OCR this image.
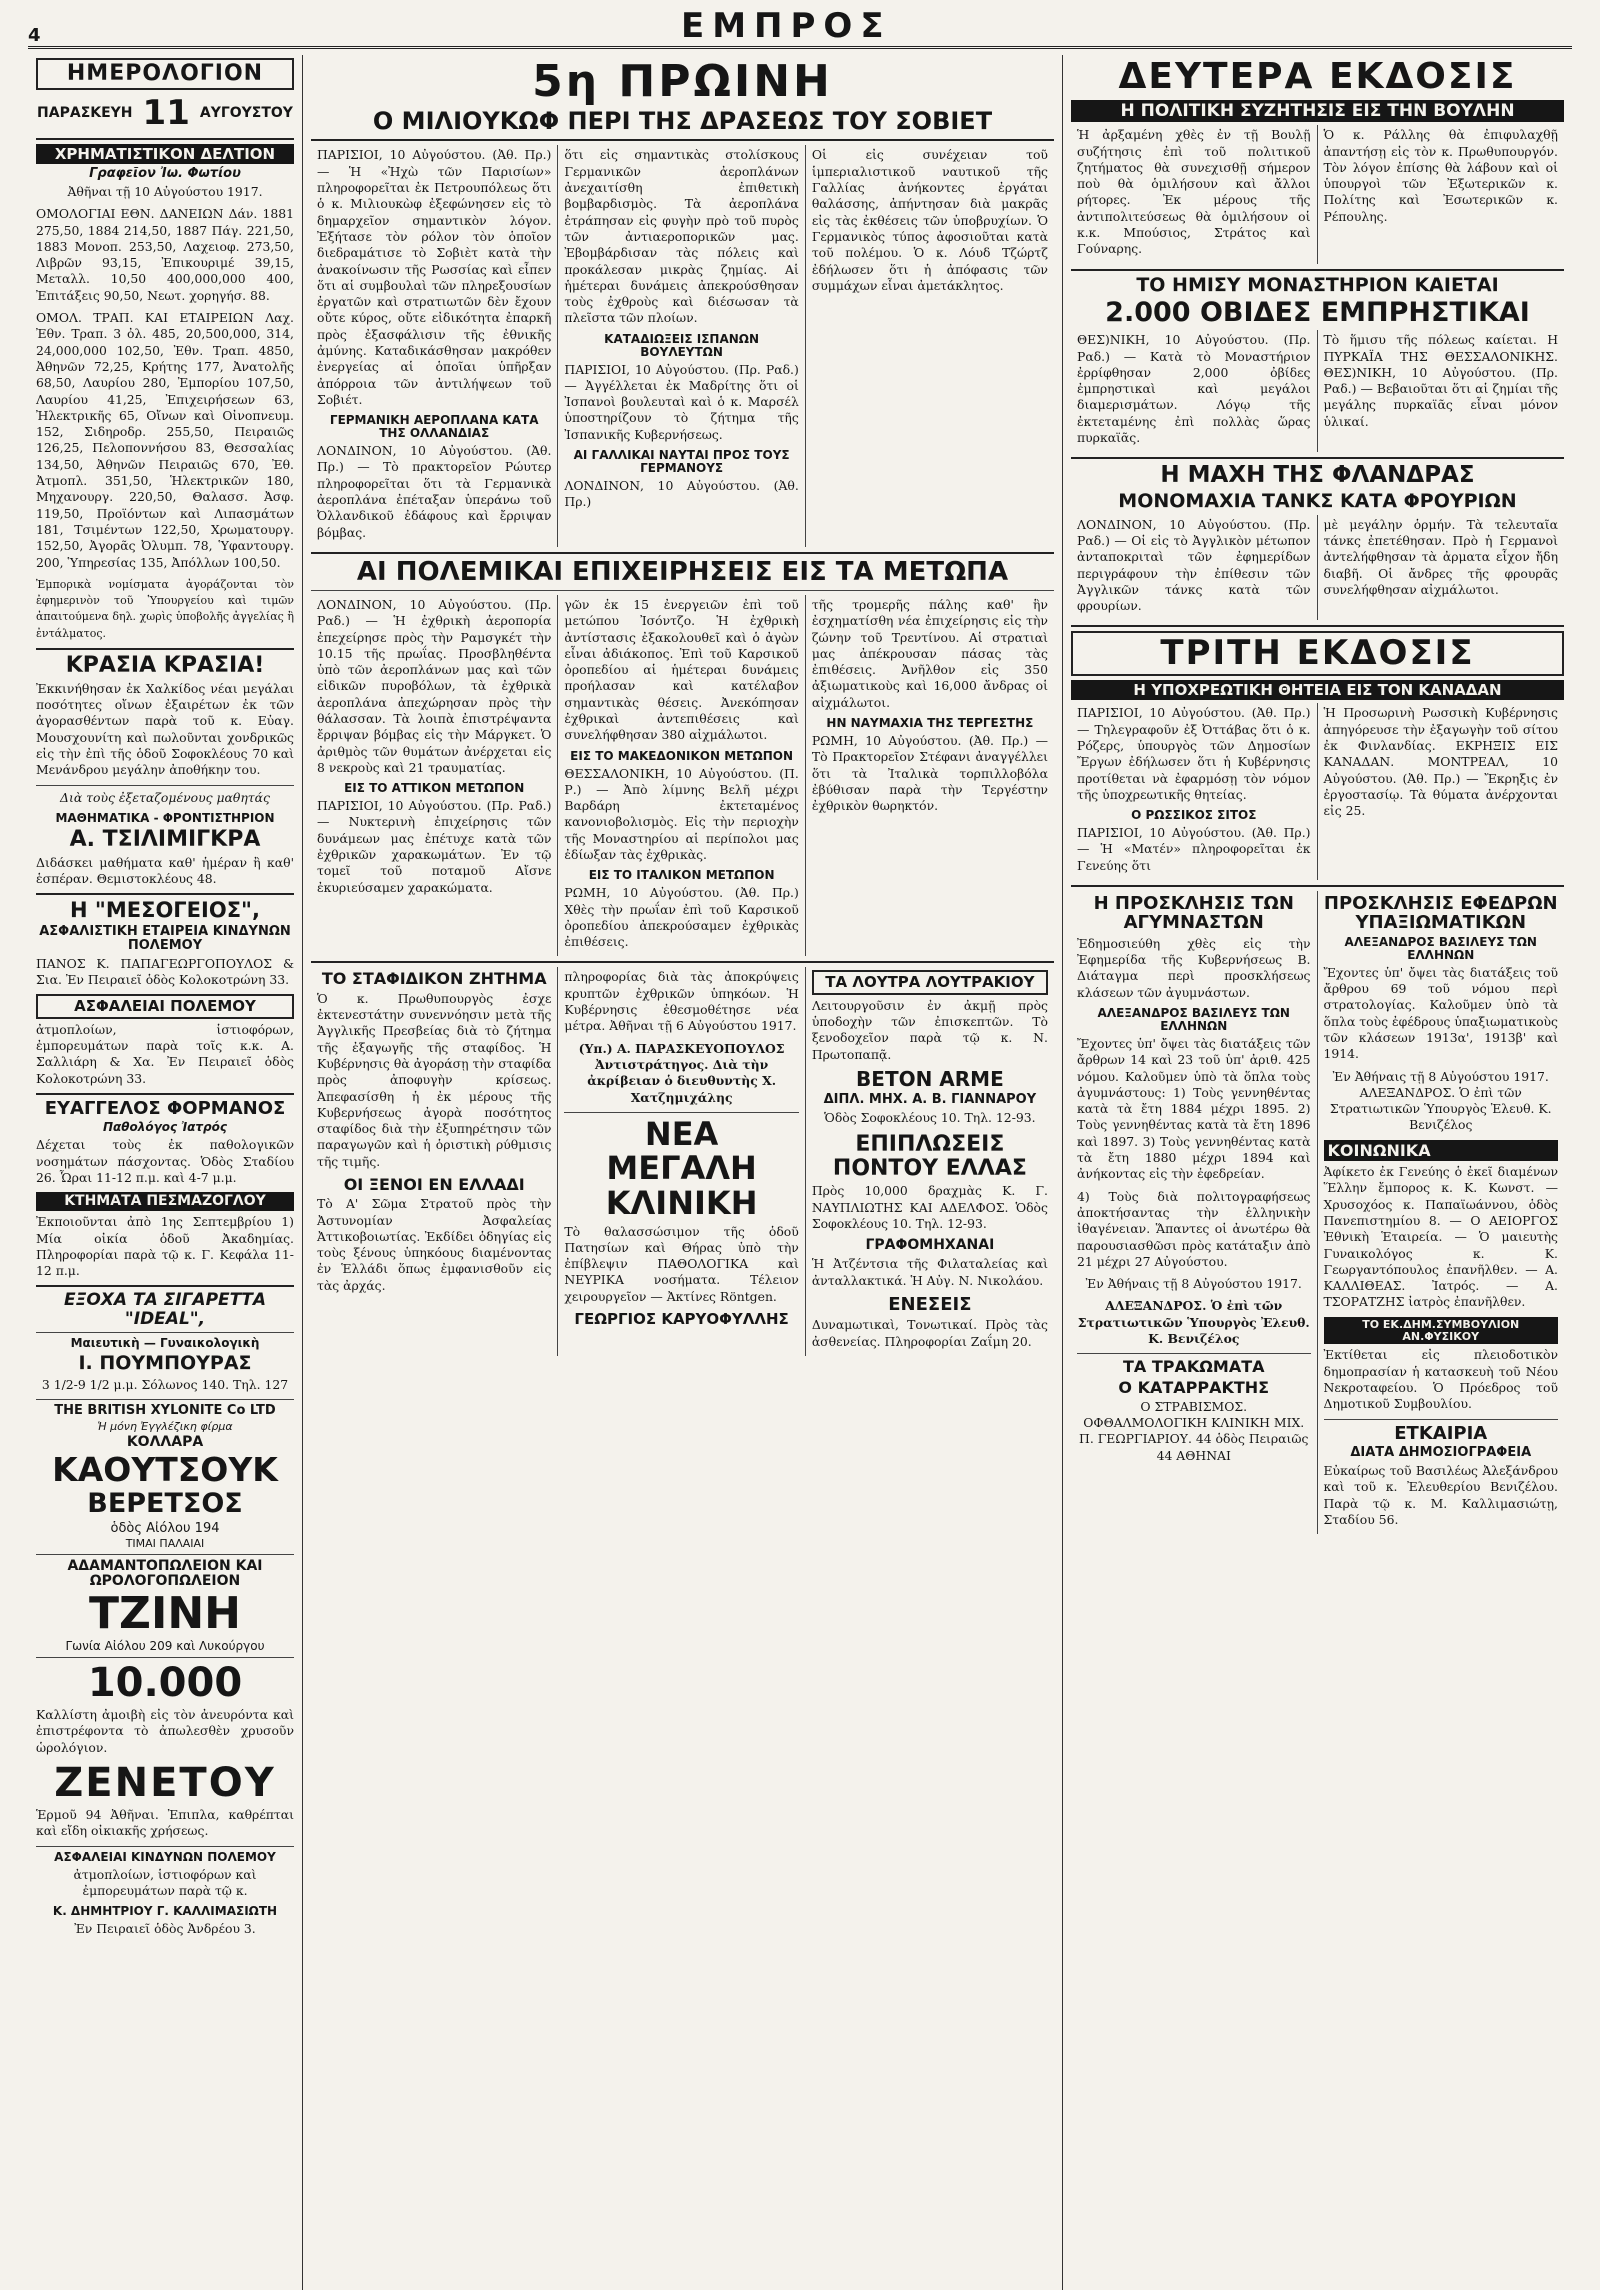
4	ΕΜΠΡΟΣ
ΗΜΕΡΟΛΟΓΙΟΝ
ΠΑΡΑΣΚΕΥΗ 11 ΑΥΓΟΥΣΤΟΥ
ΧΡΗΜΑΤΙΣΤΙΚΟΝ ΔΕΛΤΙΟΝ
Γραφεῖον Ἰω. Φωτίου
Ἀθῆναι τῇ 10 Αὐγούστου 1917.
ΟΜΟΛΟΓΙΑΙ ΕΘΝ. ΔΑΝΕΙΩΝ Δάν. 1881 275,50, 1884 214,50, 1887 Πάγ. 221,50, 1883 Μονοπ. 253,50, Λαχειοφ. 273,50, Λιβρῶν 93,15, Ἐπικουριμέ 39,15, Μεταλλ. 10,50 400,000,000 400, Ἐπιτάξεις 90,50, Νεωτ. χορηγήσ. 88.
ΟΜΟΛ. ΤΡΑΠ. ΚΑΙ ΕΤΑΙΡΕΙΩΝ Λαχ. Ἐθν. Τραπ. 3 ὀλ. 485, 20,500,000, 314, 24,000,000 102,50, Ἐθν. Τραπ. 4850, Ἀθηνῶν 72,25, Κρήτης 177, Ἀνατολῆς 68,50, Λαυρίου 280, Ἐμπορίου 107,50, Λαυρίου 41,25, Ἐπιχειρήσεων 63, Ἠλεκτρικῆς 65, Οἴνων καὶ Οἰνοπνευμ. 152, Σιδηροδρ. 255,50, Πειραιῶς 126,25, Πελοποννήσου 83, Θεσσαλίας 134,50, Ἀθηνῶν Πειραιῶς 670, Ἐθ. Ἀτμοπλ. 351,50, Ἡλεκτρικῶν 180, Μηχανουργ. 220,50, Θαλασσ. Ἀσφ. 119,50, Προϊόντων καὶ Λιπασμάτων 181, Τσιμέντων 122,50, Χρωματουργ. 152,50, Ἀγορᾶς Ὀλυμπ. 78, Ὑφαντουργ. 200, Ὑπηρεσίας 135, Ἀπόλλων 100,50.
Ἐμπορικὰ νομίσματα ἀγοράζονται τὸν ἐφημερινὸν τοῦ Ὑπουργείου καὶ τιμῶν ἀπαιτούμενα δηλ. χωρὶς ὑποβολῆς ἀγγελίας ἢ ἐντάλματος.
ΚΡΑΣΙΑ ΚΡΑΣΙΑ!
Ἐκκινήθησαν ἐκ Χαλκίδος νέαι μεγάλαι ποσότητες οἴνων ἐξαιρέτων ἐκ τῶν ἀγορασθέντων παρὰ τοῦ κ. Εὐαγ. Μουσχουνίτη καὶ πωλοῦνται χονδρικῶς εἰς τὴν ἐπὶ τῆς ὁδοῦ Σοφοκλέους 70 καὶ Μενάνδρου μεγάλην ἀποθήκην του.
Διὰ τοὺς ἐξεταζομένους μαθητάς
ΜΑΘΗΜΑΤΙΚΑ - ΦΡΟΝΤΙΣΤΗΡΙΟΝ
Α. ΤΣΙΛΙΜΙΓΚΡΑ
Διδάσκει μαθήματα καθ' ἡμέραν ἢ καθ' ἑσπέραν. Θεμιστοκλέους 48.
Η "ΜΕΣΟΓΕΙΟΣ",
ΑΣΦΑΛΙΣΤΙΚΗ ΕΤΑΙΡΕΙΑ ΚΙΝΔΥΝΩΝ ΠΟΛΕΜΟΥ
ΠΑΝΟΣ Κ. ΠΑΠΑΓΕΩΡΓΟΠΟΥΛΟΣ & Σια. Ἐν Πειραιεῖ ὁδὸς Κολοκοτρώνη 33.
ΑΣΦΑΛΕΙΑΙ ΠΟΛΕΜΟΥ
ἀτμοπλοίων, ἱστιοφόρων, ἐμπορευμάτων παρὰ τοῖς κ.κ. Α. Σαλλιάρη & Χα. Ἐν Πειραιεῖ ὁδὸς Κολοκοτρώνη 33.
ΕΥΑΓΓΕΛΟΣ ΦΟΡΜΑΝΟΣ
Παθολόγος Ἰατρός
Δέχεται τοὺς ἐκ παθολογικῶν νοσημάτων πάσχοντας. Ὁδὸς Σταδίου 26. Ὧραι 11-12 π.μ. καὶ 4-7 μ.μ.
ΚΤΗΜΑΤΑ ΠΕΣΜΑΖΟΓΛΟΥ
Ἐκποιοῦνται ἀπὸ 1ης Σεπτεμβρίου 1) Μία οἰκία ὁδοῦ Ἀκαδημίας. Πληροφορίαι παρὰ τῷ κ. Γ. Κεφάλα 11-12 π.μ.
ΕΞΟΧΑ ΤΑ ΣΙΓΑΡΕΤΤΑ "IDEAL",
Μαιευτικὴ — Γυναικολογικὴ
Ι. ΠΟΥΜΠΟΥΡΑΣ
3 1/2-9 1/2 μ.μ. Σόλωνος 140. Τηλ. 127
THE BRITISH XYLONITE Co LTD
Ἡ μόνη Ἐγγλέζικη φίρμα
ΚΟΛΛΑΡΑ
ΚΑΟΥΤΣΟΥΚ
ΒΕΡΕΤΣΟΣ
ὁδὸς Αἰόλου 194
ΤΙΜΑΙ ΠΑΛΑΙΑΙ
ΑΔΑΜΑΝΤΟΠΩΛΕΙΟΝ ΚΑΙ ΩΡΟΛΟΓΟΠΩΛΕΙΟΝ
ΤΖΙΝΗ
Γωνία Αἰόλου 209 καὶ Λυκούργου
10.000
Καλλίστη ἀμοιβὴ εἰς τὸν ἀνευρόντα καὶ ἐπιστρέφοντα τὸ ἀπωλεσθὲν χρυσοῦν ὡρολόγιον.
ΖΕΝΕΤΟΥ
Ἑρμοῦ 94 Ἀθῆναι. Ἐπιπλα, καθρέπται καὶ εἴδη οἰκιακῆς χρήσεως.
ΑΣΦΑΛΕΙΑΙ ΚΙΝΔΥΝΩΝ ΠΟΛΕΜΟΥ
ἀτμοπλοίων, ἱστιοφόρων καὶ ἐμπορευμάτων παρὰ τῷ κ.
Κ. ΔΗΜΗΤΡΙΟΥ Γ. ΚΑΛΛΙΜΑΣΙΩΤΗ
Ἐν Πειραιεῖ ὁδὸς Ἀνδρέου 3.
5η ΠΡΩΙΝΗ
Ο ΜΙΛΙΟΥΚΩΦ ΠΕΡΙ ΤΗΣ ΔΡΑΣΕΩΣ ΤΟΥ ΣΟΒΙΕΤ
ΠΑΡΙΣΙΟΙ, 10 Αὐγούστου. (Ἀθ. Πρ.) — Ἡ «Ἠχὼ τῶν Παρισίων» πληροφορεῖται ἐκ Πετρουπόλεως ὅτι ὁ κ. Μιλιουκὼφ ἐξεφώνησεν εἰς τὸ δημαρχεῖον σημαντικὸν λόγον. Ἐξήτασε τὸν ρόλον τὸν ὁποῖον διεδραμάτισε τὸ Σοβιὲτ κατὰ τὴν ἀνακοίνωσιν τῆς Ρωσσίας καὶ εἶπεν ὅτι αἱ συμβουλαὶ τῶν πληρεξουσίων ἐργατῶν καὶ στρατιωτῶν δὲν ἔχουν οὔτε κύρος, οὔτε εἰδικότητα ἐπαρκῆ πρὸς ἐξασφάλισιν τῆς ἐθνικῆς ἀμύνης. Καταδικάσθησαν μακρόθεν ἐνεργείας αἱ ὁποῖαι ὑπῆρξαν ἀπόρροια τῶν ἀντιλήψεων τοῦ Σοβιέτ.
ΓΕΡΜΑΝΙΚΗ ΑΕΡΟΠΛΑΝΑ ΚΑΤΑ ΤΗΣ ΟΛΛΑΝΔΙΑΣ
ΛΟΝΔΙΝΟΝ, 10 Αὐγούστου. (Ἀθ. Πρ.) — Τὸ πρακτορεῖον Ρώυτερ πληροφορεῖται ὅτι τὰ Γερμανικὰ ἀεροπλάνα ἐπέταξαν ὑπεράνω τοῦ Ὀλλανδικοῦ ἐδάφους καὶ ἔρριψαν βόμβας.
ὅτι εἰς σημαντικὰς στολίσκους Γερμανικῶν ἀεροπλάνων ἀνεχαιτίσθη ἐπιθετικὴ βομβαρδισμὸς. Τὰ ἀεροπλάνα ἐτράπησαν εἰς φυγὴν πρὸ τοῦ πυρὸς τῶν ἀντιαεροπορικῶν μας. Ἐβομβάρδισαν τὰς πόλεις καὶ προκάλεσαν μικρὰς ζημίας. Αἱ ἡμέτεραι δυνάμεις ἀπεκρούσθησαν τοὺς ἐχθροὺς καὶ διέσωσαν τὰ πλεῖστα τῶν πλοίων.
ΚΑΤΑΔΙΩΞΕΙΣ ΙΣΠΑΝΩΝ ΒΟΥΛΕΥΤΩΝ
ΠΑΡΙΣΙΟΙ, 10 Αὐγούστου. (Πρ. Ραδ.) — Ἀγγέλλεται ἐκ Μαδρίτης ὅτι οἱ Ἰσπανοὶ βουλευταὶ καὶ ὁ κ. Μαρσέλ ὑποστηρίζουν τὸ ζήτημα τῆς Ἰσπανικῆς Κυβερνήσεως.
ΑΙ ΓΑΛΛΙΚΑΙ ΝΑΥΤΑΙ ΠΡΟΣ ΤΟΥΣ ΓΕΡΜΑΝΟΥΣ
ΛΟΝΔΙΝΟΝ, 10 Αὐγούστου. (Ἀθ. Πρ.)
Οἱ εἰς συνέχειαν τοῦ ἱμπεριαλιστικοῦ ναυτικοῦ τῆς Γαλλίας ἀνήκοντες ἐργάται θαλάσσης, ἀπήντησαν διὰ μακρᾶς εἰς τὰς ἐκθέσεις τῶν ὑποβρυχίων. Ὁ Γερμανικὸς τύπος ἀφοσιοῦται κατὰ τοῦ πολέμου. Ὁ κ. Λόυδ Τζώρτζ ἐδήλωσεν ὅτι ἡ ἀπόφασις τῶν συμμάχων εἶναι ἀμετάκλητος.
ΑΙ ΠΟΛΕΜΙΚΑΙ ΕΠΙΧΕΙΡΗΣΕΙΣ ΕΙΣ ΤΑ ΜΕΤΩΠΑ
ΛΟΝΔΙΝΟΝ, 10 Αὐγούστου. (Πρ. Ραδ.) — Ἡ ἐχθρικὴ ἀεροπορία ἐπεχείρησε πρὸς τὴν Ραμσγκέτ τὴν 10.15 τῆς πρωΐας. Προσβληθέντα ὑπὸ τῶν ἀεροπλάνων μας καὶ τῶν εἰδικῶν πυροβόλων, τὰ ἐχθρικὰ ἀεροπλάνα ἀπεχώρησαν πρὸς τὴν θάλασσαν. Τὰ λοιπὰ ἐπιστρέψαντα ἔρριψαν βόμβας εἰς τὴν Μάργκετ. Ὁ ἀριθμὸς τῶν θυμάτων ἀνέρχεται εἰς 8 νεκροὺς καὶ 21 τραυματίας.
ΕΙΣ ΤΟ ΑΤΤΙΚΟΝ ΜΕΤΩΠΟΝ
ΠΑΡΙΣΙΟΙ, 10 Αὐγούστου. (Πρ. Ραδ.) — Νυκτερινὴ ἐπιχείρησις τῶν δυνάμεων μας ἐπέτυχε κατὰ τῶν ἐχθρικῶν χαρακωμάτων. Ἐν τῷ τομεῖ τοῦ ποταμοῦ Αἴσνε ἐκυριεύσαμεν χαρακώματα.
γῶν ἐκ 15 ἐνεργειῶν ἐπὶ τοῦ μετώπου Ἰσόντζο. Ἡ ἐχθρικὴ ἀντίστασις ἐξακολουθεῖ καὶ ὁ ἀγὼν εἶναι ἀδιάκοπος. Ἐπὶ τοῦ Καρσικοῦ ὀροπεδίου αἱ ἡμέτεραι δυνάμεις προήλασαν καὶ κατέλαβον σημαντικὰς θέσεις. Ἀνεκόπησαν ἐχθρικαὶ ἀντεπιθέσεις καὶ συνελήφθησαν 380 αἰχμάλωτοι.
ΕΙΣ ΤΟ ΜΑΚΕΔΟΝΙΚΟΝ ΜΕΤΩΠΟΝ
ΘΕΣΣΑΛΟΝΙΚΗ, 10 Αὐγούστου. (Π. Ρ.) — Ἀπὸ λίμνης Βελῆ μέχρι Βαρδάρη ἐκτεταμένος κανονιοβολισμὸς. Εἰς τὴν περιοχὴν τῆς Μοναστηρίου αἱ περίπολοι μας ἐδίωξαν τὰς ἐχθρικὰς.
ΕΙΣ ΤΟ ΙΤΑΛΙΚΟΝ ΜΕΤΩΠΟΝ
ΡΩΜΗ, 10 Αὐγούστου. (Ἀθ. Πρ.) Χθὲς τὴν πρωΐαν ἐπὶ τοῦ Καρσικοῦ ὀροπεδίου ἀπεκρούσαμεν ἐχθρικὰς ἐπιθέσεις.
τῆς τρομερῆς πάλης καθ' ἣν ἐσχηματίσθη νέα ἐπιχείρησις εἰς τὴν ζώνην τοῦ Τρεντίνου. Αἱ στρατιαὶ μας ἀπέκρουσαν πάσας τὰς ἐπιθέσεις. Ἀνῆλθον εἰς 350 ἀξιωματικοὺς καὶ 16,000 ἄνδρας οἱ αἰχμάλωτοι.
ΗΝ ΝΑΥΜΑΧΙΑ ΤΗΣ ΤΕΡΓΕΣΤΗΣ
ΡΩΜΗ, 10 Αὐγούστου. (Ἀθ. Πρ.) — Τὸ Πρακτορεῖον Στέφανι ἀναγγέλλει ὅτι τὰ Ἰταλικὰ τορπιλλοβόλα ἐβύθισαν παρὰ τὴν Τεργέστην ἐχθρικὸν θωρηκτόν.
ΤΟ ΣΤΑΦΙΔΙΚΟΝ ΖΗΤΗΜΑ
Ὁ κ. Πρωθυπουργὸς ἐσχε ἐκτενεστάτην συνεννόησιν μετὰ τῆς Ἀγγλικῆς Πρεσβείας διὰ τὸ ζήτημα τῆς ἐξαγωγῆς τῆς σταφίδος. Ἡ Κυβέρνησις θὰ ἀγοράσῃ τὴν σταφίδα πρὸς ἀποφυγὴν κρίσεως. Ἀπεφασίσθη ἡ ἐκ μέρους τῆς Κυβερνήσεως ἀγορὰ ποσότητος σταφίδος διὰ τὴν ἐξυπηρέτησιν τῶν παραγωγῶν καὶ ἡ ὁριστικὴ ρύθμισις τῆς τιμῆς.
ΟΙ ΞΕΝΟΙ ΕΝ ΕΛΛΑΔΙ
Τὸ Α' Σῶμα Στρατοῦ πρὸς τὴν Ἀστυνομίαν Ἀσφαλείας Ἀττικοβοιωτίας. Ἐκδίδει ὁδηγίας εἰς τοὺς ξένους ὑπηκόους διαμένοντας ἐν Ἑλλάδι ὅπως ἐμφανισθοῦν εἰς τὰς ἀρχάς.
πληροφορίας διὰ τὰς ἀποκρύψεις κρυπτῶν ἐχθρικῶν ὑπηκόων. Ἡ Κυβέρνησις ἐθεσμοθέτησε νέα μέτρα. Ἀθῆναι τῇ 6 Αὐγούστου 1917.
(Υπ.) Α. ΠΑΡΑΣΚΕΥΟΠΟΥΛΟΣ Ἀντιστράτηγος. Διὰ τὴν ἀκρίβειαν ὁ διευθυντὴς Χ. Χατζημιχάλης
ΝΕΑ ΜΕΓΑΛΗ ΚΛΙΝΙΚΗ
Τὸ θαλασσώσιμον τῆς ὁδοῦ Πατησίων καὶ Θήρας ὑπὸ τὴν ἐπίβλεψιν ΠΑΘΟΛΟΓΙΚΑ καὶ ΝΕΥΡΙΚΑ νοσήματα. Τέλειον χειρουργεῖον — Ἀκτίνες Röntgen.
ΓΕΩΡΓΙΟΣ ΚΑΡΥΟΦΥΛΛΗΣ
ΤΑ ΛΟΥΤΡΑ ΛΟΥΤΡΑΚΙΟΥ
Λειτουργοῦσιν ἐν ἀκμῇ πρὸς ὑποδοχὴν τῶν ἐπισκεπτῶν. Τὸ ξενοδοχεῖον παρὰ τῷ κ. Ν. Πρωτοπαπᾷ.
BETON ARME
ΔΙΠΛ. ΜΗΧ. Α. Β. ΓΙΑΝΝΑΡΟΥ
Ὁδὸς Σοφοκλέους 10. Τηλ. 12-93.
ΕΠΙΠΛΩΣΕΙΣ ΠΟΝΤΟΥ ΕΛΛΑΣ
Πρὸς 10,000 δραχμὰς Κ. Γ. ΝΑΥΠΛΙΩΤΗΣ ΚΑΙ ΑΔΕΛΦΟΣ. Ὁδὸς Σοφοκλέους 10. Τηλ. 12-93.
ΓΡΑΦΟΜΗΧΑΝΑΙ
Ἡ Ἀτζέντσια τῆς Φιλαταλείας καὶ ἀνταλλακτικά. Ἡ Αὐγ. Ν. Νικολάου.
ΕΝΕΣΕΙΣ
Δυναμωτικαὶ, Τονωτικαί. Πρὸς τὰς ἀσθενείας. Πληροφορίαι Ζαΐμη 20.
ΔΕΥΤΕΡΑ ΕΚΔΟΣΙΣ
Η ΠΟΛΙΤΙΚΗ ΣΥΖΗΤΗΣΙΣ ΕΙΣ ΤΗΝ ΒΟΥΛΗΝ
Ἡ ἀρξαμένη χθὲς ἐν τῇ Βουλῇ συζήτησις ἐπὶ τοῦ πολιτικοῦ ζητήματος θὰ συνεχισθῇ σήμερον ποὺ θὰ ὁμιλήσουν καὶ ἄλλοι ρήτορες. Ἐκ μέρους τῆς ἀντιπολιτεύσεως θὰ ὁμιλήσουν οἱ κ.κ. Μπούσιος, Στράτος καὶ Γούναρης.
Ὁ κ. Ράλλης θὰ ἐπιφυλαχθῇ ἀπαντήσῃ εἰς τὸν κ. Πρωθυπουργόν. Τὸν λόγον ἐπίσης θὰ λάβουν καὶ οἱ ὑπουργοὶ τῶν Ἐξωτερικῶν κ. Πολίτης καὶ Ἐσωτερικῶν κ. Ρέπουλης.
ΤΟ ΗΜΙΣΥ ΜΟΝΑΣΤΗΡΙΟΝ ΚΑΙΕΤΑΙ
2.000 ΟΒΙΔΕΣ ΕΜΠΡΗΣΤΙΚΑΙ
ΘΕΣ)ΝΙΚΗ, 10 Αὐγούστου. (Πρ. Ραδ.) — Κατὰ τὸ Μοναστήριον ἐρρίφθησαν 2,000 ὀβίδες ἐμπρηστικαὶ καὶ μεγάλοι διαμερισμάτων. Λόγῳ τῆς ἐκτεταμένης ἐπὶ πολλὰς ὥρας πυρκαϊᾶς.
Τὸ ἥμισυ τῆς πόλεως καίεται. Η ΠΥΡΚΑΪΑ ΤΗΣ ΘΕΣΣΑΛΟΝΙΚΗΣ. ΘΕΣ)ΝΙΚΗ, 10 Αὐγούστου. (Πρ. Ραδ.) — Βεβαιοῦται ὅτι αἱ ζημίαι τῆς μεγάλης πυρκαϊᾶς εἶναι μόνον ὑλικαί.
Η ΜΑΧΗ ΤΗΣ ΦΛΑΝΔΡΑΣ
ΜΟΝΟΜΑΧΙΑ ΤΑΝΚΣ ΚΑΤΑ ΦΡΟΥΡΙΩΝ
ΛΟΝΔΙΝΟΝ, 10 Αὐγούστου. (Πρ. Ραδ.) — Οἱ εἰς τὸ Ἀγγλικὸν μέτωπον ἀνταποκριταὶ τῶν ἐφημερίδων περιγράφουν τὴν ἐπίθεσιν τῶν Ἀγγλικῶν τάνκς κατὰ τῶν φρουρίων.
μὲ μεγάλην ὁρμήν. Τὰ τελευταῖα τάνκς ἐπετέθησαν. Πρὸ ἡ Γερμανοὶ ἀντελήφθησαν τὰ ἀρματα εἶχον ἤδη διαβῆ. Οἱ ἄνδρες τῆς φρουρᾶς συνελήφθησαν αἰχμάλωτοι.
ΤΡΙΤΗ ΕΚΔΟΣΙΣ
Η ΥΠΟΧΡΕΩΤΙΚΗ ΘΗΤΕΙΑ ΕΙΣ ΤΟΝ ΚΑΝΑΔΑΝ
ΠΑΡΙΣΙΟΙ, 10 Αὐγούστου. (Ἀθ. Πρ.) — Τηλεγραφοῦν ἐξ Ὀττάβας ὅτι ὁ κ. Ρόζερς, ὑπουργὸς τῶν Δημοσίων Ἔργων ἐδήλωσεν ὅτι ἡ Κυβέρνησις προτίθεται νὰ ἐφαρμόσῃ τὸν νόμον τῆς ὑποχρεωτικῆς θητείας.
Ο ΡΩΣΣΙΚΟΣ ΣΙΤΟΣ
ΠΑΡΙΣΙΟΙ, 10 Αὐγούστου. (Ἀθ. Πρ.) — Ἡ «Ματέν» πληροφορεῖται ἐκ Γενεύης ὅτι
Ἡ Προσωρινὴ Ρωσσικὴ Κυβέρνησις ἀπηγόρευσε τὴν ἐξαγωγὴν τοῦ σίτου ἐκ Φινλανδίας. ΕΚΡΗΞΙΣ ΕΙΣ ΚΑΝΑΔΑΝ. ΜΟΝΤΡΕΑΛ, 10 Αὐγούστου. (Ἀθ. Πρ.) — Ἔκρηξις ἐν ἐργοστασίῳ. Τὰ θύματα ἀνέρχονται εἰς 25.
Η ΠΡΟΣΚΛΗΣΙΣ ΤΩΝ ΑΓΥΜΝΑΣΤΩΝ
Ἐδημοσιεύθη χθὲς εἰς τὴν Ἐφημερίδα τῆς Κυβερνήσεως Β. Διάταγμα περὶ προσκλήσεως κλάσεων τῶν ἀγυμνάστων.
ΑΛΕΞΑΝΔΡΟΣ ΒΑΣΙΛΕΥΣ ΤΩΝ ΕΛΛΗΝΩΝ
Ἔχοντες ὑπ' ὄψει τὰς διατάξεις τῶν ἄρθρων 14 καὶ 23 τοῦ ὑπ' ἀριθ. 425 νόμου. Καλοῦμεν ὑπὸ τὰ ὅπλα τοὺς ἀγυμνάστους: 1) Τοὺς γεννηθέντας κατὰ τὰ ἔτη 1884 μέχρι 1895. 2) Τοὺς γεννηθέντας κατὰ τὰ ἔτη 1896 καὶ 1897. 3) Τοὺς γεννηθέντας κατὰ τὰ ἔτη 1880 μέχρι 1894 καὶ ἀνήκοντας εἰς τὴν ἐφεδρείαν.
4) Τοὺς διὰ πολιτογραφήσεως ἀποκτήσαντας τὴν ἑλληνικὴν ἰθαγένειαν. Ἅπαντες οἱ ἀνωτέρω θὰ παρουσιασθῶσι πρὸς κατάταξιν ἀπὸ 21 μέχρι 27 Αὐγούστου.
Ἐν Ἀθήναις τῇ 8 Αὐγούστου 1917.
ΑΛΕΞΑΝΔΡΟΣ. Ὁ ἐπὶ τῶν Στρατιωτικῶν Ὑπουργὸς Ἐλευθ. Κ. Βενιζέλος
ΤΑ ΤΡΑΚΩΜΑΤΑ
Ο ΚΑΤΑΡΡΑΚΤΗΣ
Ο ΣΤΡΑΒΙΣΜΟΣ. ΟΦΘΑΛΜΟΛΟΓΙΚΗ ΚΛΙΝΙΚΗ ΜΙΧ. Π. ΓΕΩΡΓΙΑΡΙΟΥ. 44 ὁδὸς Πειραιῶς 44 ΑΘΗΝΑΙ
ΠΡΟΣΚΛΗΣΙΣ ΕΦΕΔΡΩΝ ΥΠΑΞΙΩΜΑΤΙΚΩΝ
ΑΛΕΞΑΝΔΡΟΣ ΒΑΣΙΛΕΥΣ ΤΩΝ ΕΛΛΗΝΩΝ
Ἔχοντες ὑπ' ὄψει τὰς διατάξεις τοῦ ἄρθρου 69 τοῦ νόμου περὶ στρατολογίας. Καλοῦμεν ὑπὸ τὰ ὅπλα τοὺς ἐφέδρους ὑπαξιωματικοὺς τῶν κλάσεων 1913α', 1913β' καὶ 1914.
Ἐν Ἀθήναις τῇ 8 Αὐγούστου 1917. ΑΛΕΞΑΝΔΡΟΣ. Ὁ ἐπὶ τῶν Στρατιωτικῶν Ὑπουργὸς Ἐλευθ. Κ. Βενιζέλος
ΚΟΙΝΩΝΙΚΑ
Ἀφίκετο ἐκ Γενεύης ὁ ἐκεῖ διαμένων Ἕλλην ἔμπορος κ. Κ. Κωνστ. — Χρυσοχόος κ. Παπαϊωάννου, ὁδὸς Πανεπιστημίου 8. — Ο ΑΕΙΟΡΓΟΣ Ἐθνικὴ Ἑταιρεία. — Ὁ μαιευτὴς Γυναικολόγος κ. Κ. Γεωργαντόπουλος ἐπανῆλθεν. — Α. ΚΑΛΛΙΘΕΑΣ. Ἰατρός. — Α. ΤΣΟΡΑΤΖΗΣ ἰατρὸς ἐπανῆλθεν.
ΤΟ ΕΚ.ΔΗΜ.ΣΥΜΒΟΥΛΙΟΝ ΑΝ.ΦΥΣΙΚΟΥ
Ἐκτίθεται εἰς πλειοδοτικὸν δημοπρασίαν ἡ κατασκευὴ τοῦ Νέου Νεκροταφείου. Ὁ Πρόεδρος τοῦ Δημοτικοῦ Συμβουλίου.
ΕΤΚΑΙΡΙΑ
ΔΙΑΤΑ ΔΗΜΟΣΙΟΓΡΑΦΕΙΑ
Εὐκαίρως τοῦ Βασιλέως Ἀλεξάνδρου καὶ τοῦ κ. Ἐλευθερίου Βενιζέλου. Παρὰ τῷ κ. Μ. Καλλιμασιώτῃ, Σταδίου 56.
